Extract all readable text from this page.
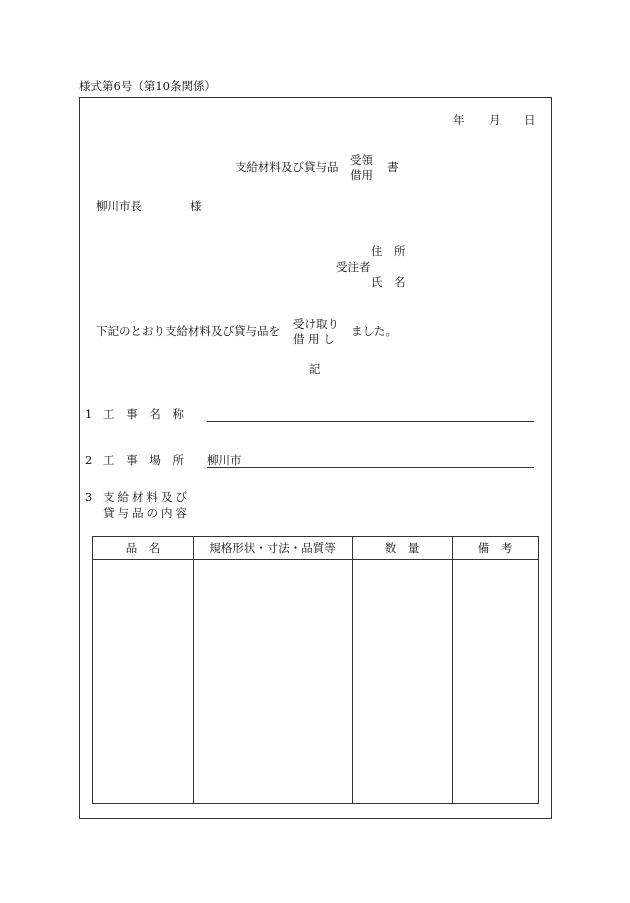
様式第6号（第10条関係）
年 月 日
支給材料及び貸与品 受領
借用
書
柳川市長	様
住　所
受注者
氏　名
下記のとおり支給材料及び貸与品を 受け取り
借 用 し
ました。
記
1 工 事 名 称
2 工 事 場 所 柳川市
3 支給材料及び
貸与品の内容
品　名	規格形状・寸法・品質等	数　量	備　考
